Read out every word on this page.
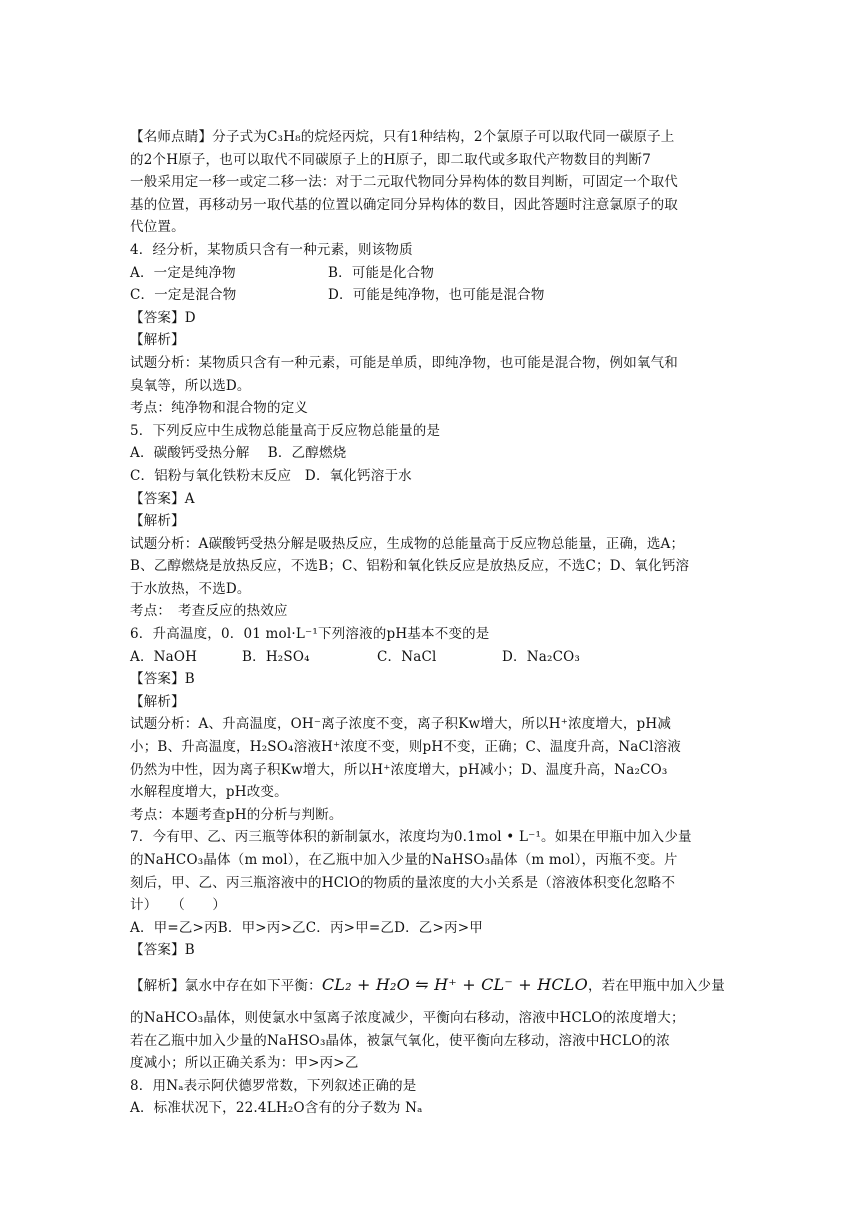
【名师点睛】分子式为C₃H₈的烷烃丙烷，只有1种结构，2个氯原子可以取代同一碳原子上
的2个H原子，也可以取代不同碳原子上的H原子，即二取代或多取代产物数目的判断7
一般采用定一移一或定二移一法：对于二元取代物同分异构体的数目判断，可固定一个取代
基的位置，再移动另一取代基的位置以确定同分异构体的数目，因此答题时注意氯原子的取
代位置。
4．经分析，某物质只含有一种元素，则该物质
A．一定是纯净物	B．可能是化合物
C．一定是混合物	D．可能是纯净物，也可能是混合物
【答案】D
【解析】
试题分析：某物质只含有一种元素，可能是单质，即纯净物，也可能是混合物，例如氧气和
臭氧等，所以选D。
考点：纯净物和混合物的定义
5．下列反应中生成物总能量高于反应物总能量的是
A．碳酸钙受热分解　 B．乙醇燃烧
C．铝粉与氧化铁粉末反应　D．氧化钙溶于水
【答案】A
【解析】
试题分析：A碳酸钙受热分解是吸热反应，生成物的总能量高于反应物总能量，正确，选A；
B、乙醇燃烧是放热反应，不选B；C、铝粉和氧化铁反应是放热反应，不选C；D、氧化钙溶
于水放热，不选D。
考点：　考查反应的热效应
6．升高温度，0．01 mol·L⁻¹下列溶液的pH基本不变的是
A．NaOH	B．H₂SO₄	C．NaCl	D．Na₂CO₃
【答案】B
【解析】
试题分析：A、升高温度，OH⁻离子浓度不变，离子积Kw增大，所以H⁺浓度增大，pH减
小；B、升高温度，H₂SO₄溶液H⁺浓度不变，则pH不变，正确；C、温度升高，NaCl溶液
仍然为中性，因为离子积Kw增大，所以H⁺浓度增大，pH减小；D、温度升高，Na₂CO₃
水解程度增大，pH改变。
考点：本题考查pH的分析与判断。
7．今有甲、乙、丙三瓶等体积的新制氯水，浓度均为0.1mol • L⁻¹。如果在甲瓶中加入少量
的NaHCO₃晶体（m mol），在乙瓶中加入少量的NaHSO₃晶体（m mol），丙瓶不变。片
刻后，甲、乙、丙三瓶溶液中的HClO的物质的量浓度的大小关系是（溶液体积变化忽略不
计）　　（　　）
A．甲=乙>丙B．甲>丙>乙C．丙>甲=乙D．乙>丙>甲
【答案】B
【解析】氯水中存在如下平衡：CL₂ + H₂O ⇋ H⁺ + CL⁻ + HCLO，若在甲瓶中加入少量
的NaHCO₃晶体，则使氯水中氢离子浓度减少，平衡向右移动，溶液中HCLO的浓度增大；
若在乙瓶中加入少量的NaHSO₃晶体，被氯气氧化，使平衡向左移动，溶液中HCLO的浓
度减小；所以正确关系为：甲>丙>乙
8．用Nₐ表示阿伏德罗常数，下列叙述正确的是
A．标准状况下，22.4LH₂O含有的分子数为 Nₐ
